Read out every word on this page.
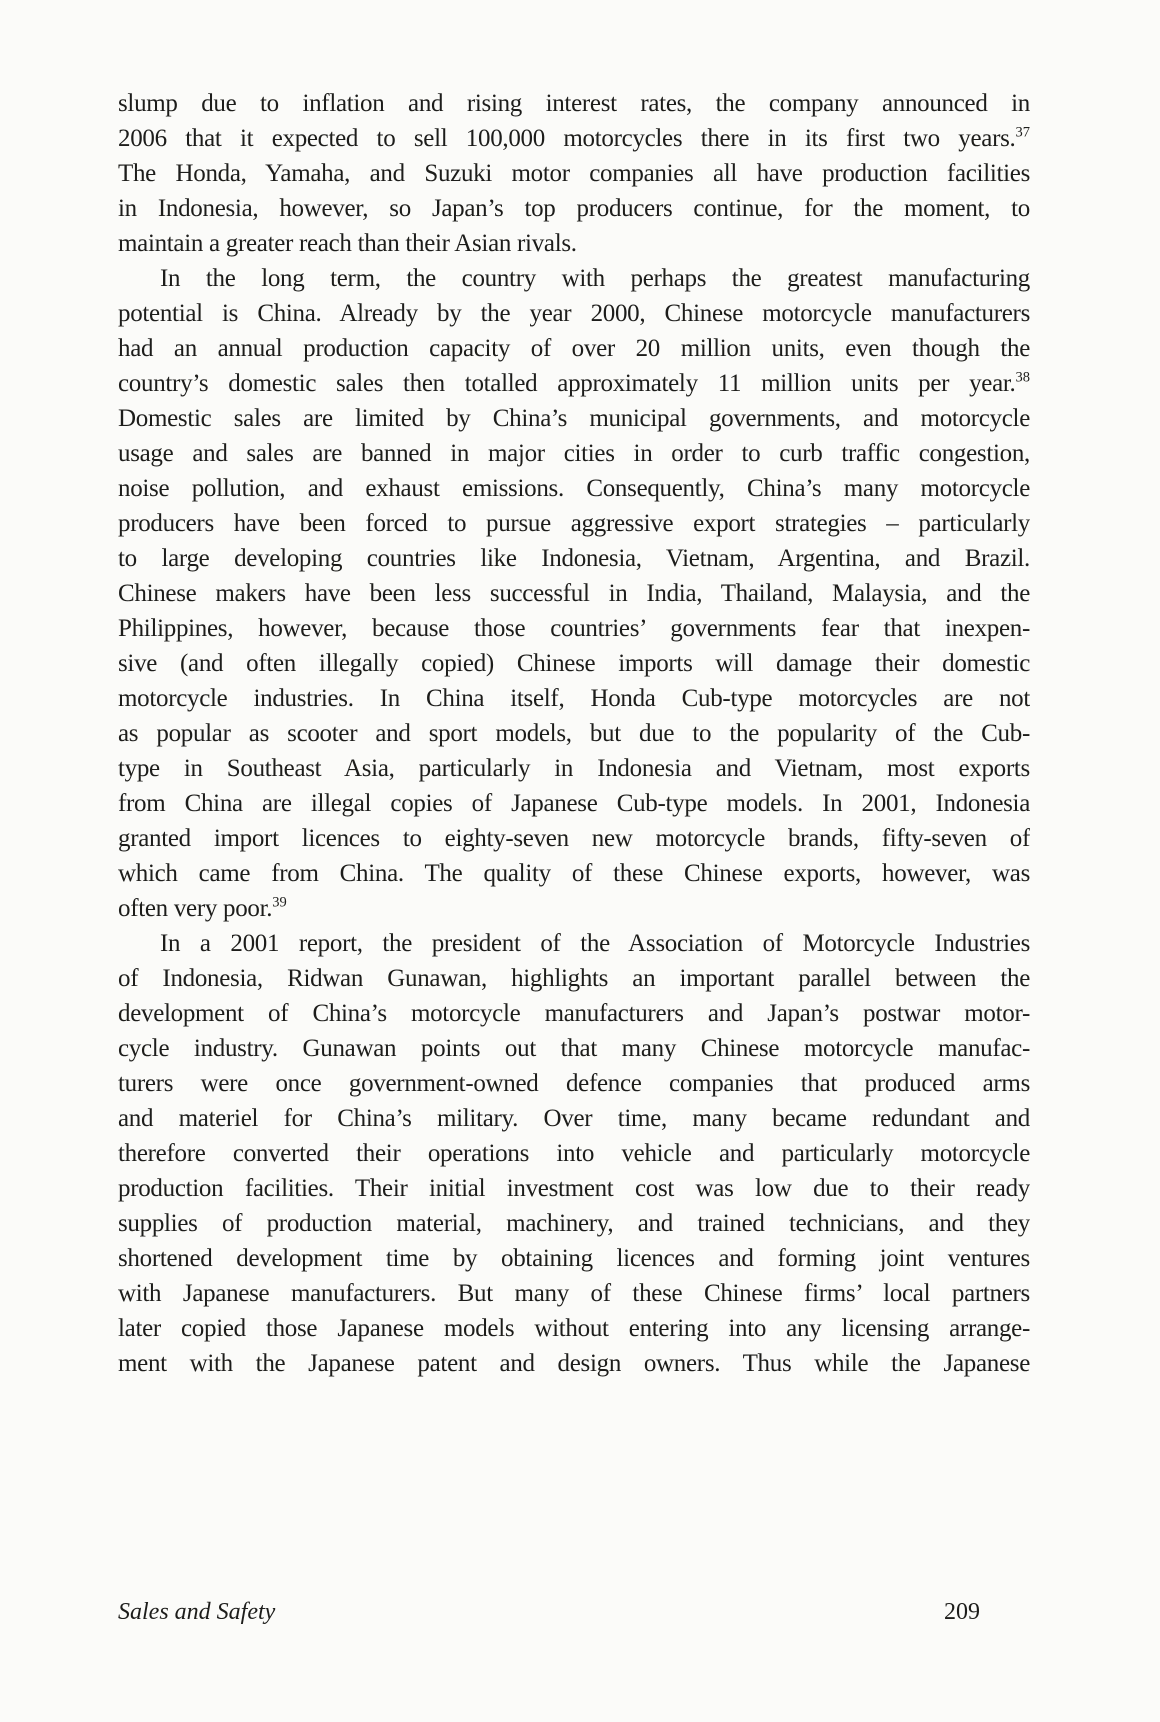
slump due to inflation and rising interest rates, the company announced in
2006 that it expected to sell 100,000 motorcycles there in its first two years.$^{37}$
The Honda, Yamaha, and Suzuki motor companies all have production facilities
in Indonesia, however, so Japan’s top producers continue, for the moment, to
maintain a greater reach than their Asian rivals.
In the long term, the country with perhaps the greatest manufacturing
potential is China. Already by the year 2000, Chinese motorcycle manufacturers
had an annual production capacity of over 20 million units, even though the
country’s domestic sales then totalled approximately 11 million units per year.$^{38}$
Domestic sales are limited by China’s municipal governments, and motorcycle
usage and sales are banned in major cities in order to curb traffic congestion,
noise pollution, and exhaust emissions. Consequently, China’s many motorcycle
producers have been forced to pursue aggressive export strategies – particularly
to large developing countries like Indonesia, Vietnam, Argentina, and Brazil.
Chinese makers have been less successful in India, Thailand, Malaysia, and the
Philippines, however, because those countries’ governments fear that inexpen-
sive (and often illegally copied) Chinese imports will damage their domestic
motorcycle industries. In China itself, Honda Cub-type motorcycles are not
as popular as scooter and sport models, but due to the popularity of the Cub-
type in Southeast Asia, particularly in Indonesia and Vietnam, most exports
from China are illegal copies of Japanese Cub-type models. In 2001, Indonesia
granted import licences to eighty-seven new motorcycle brands, fifty-seven of
which came from China. The quality of these Chinese exports, however, was
often very poor.$^{39}$
In a 2001 report, the president of the Association of Motorcycle Industries
of Indonesia, Ridwan Gunawan, highlights an important parallel between the
development of China’s motorcycle manufacturers and Japan’s postwar motor-
cycle industry. Gunawan points out that many Chinese motorcycle manufac-
turers were once government-owned defence companies that produced arms
and materiel for China’s military. Over time, many became redundant and
therefore converted their operations into vehicle and particularly motorcycle
production facilities. Their initial investment cost was low due to their ready
supplies of production material, machinery, and trained technicians, and they
shortened development time by obtaining licences and forming joint ventures
with Japanese manufacturers. But many of these Chinese firms’ local partners
later copied those Japanese models without entering into any licensing arrange-
ment with the Japanese patent and design owners. Thus while the Japanese
Sales and Safety	209
